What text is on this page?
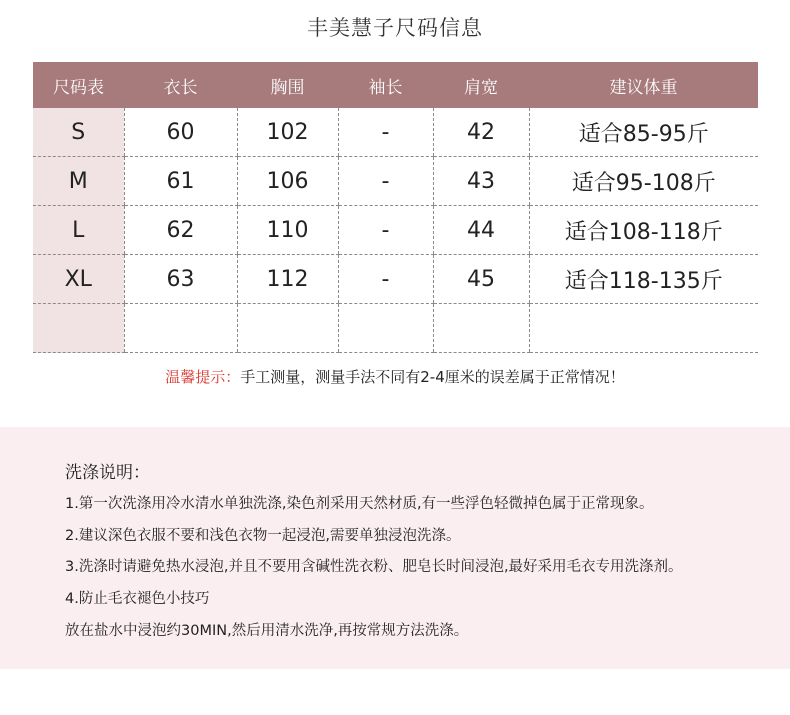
丰美慧子尺码信息
尺码表	衣长	胸围	袖长	肩宽	建议体重
S	60	102	-	42	适合85-95斤
M	61	106	-	43	适合95-108斤
L	62	110	-	44	适合108-118斤
XL	63	112	-	45	适合118-135斤

温馨提示：手工测量，测量手法不同有2-4厘米的误差属于正常情况！
洗涤说明：
1.第一次洗涤用冷水清水单独洗涤,染色剂采用天然材质,有一些浮色轻微掉色属于正常现象。
2.建议深色衣服不要和浅色衣物一起浸泡,需要单独浸泡洗涤。
3.洗涤时请避免热水浸泡,并且不要用含碱性洗衣粉、肥皂长时间浸泡,最好采用毛衣专用洗涤剂。
4.防止毛衣褪色小技巧
放在盐水中浸泡约30MIN,然后用清水洗净,再按常规方法洗涤。
